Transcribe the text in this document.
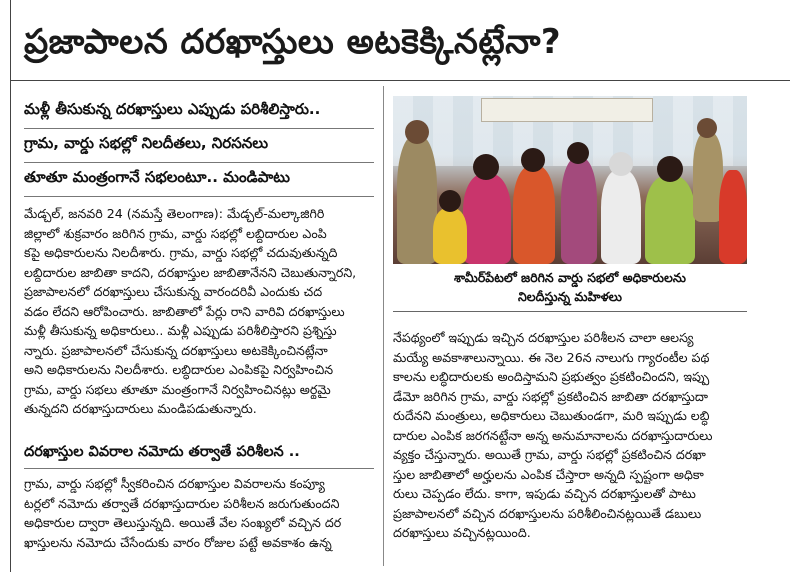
ప్రజాపాలన దరఖాస్తులు అటకెక్కినట్లేనా?
మళ్లీ తీసుకున్న దరఖాస్తులు ఎప్పుడు పరిశీలిస్తారు..
గ్రామ, వార్డు సభల్లో నిలదీతలు, నిరసనలు
తూతూ మంత్రంగానే సభలంటూ.. మండిపాటు
శామీర్‌పేటలో జరిగిన వార్డు సభలో అధికారులను
నిలదీస్తున్న మహిళలు
మేడ్చల్, జనవరి 24 (నమస్తే తెలంగాణ): మేడ్చల్-మల్కాజిగిరి
జిల్లాలో శుక్రవారం జరిగిన గ్రామ, వార్డు సభల్లో లబ్ధిదారుల ఎంపి
కపై అధికారులను నిలదీశారు. గ్రామ, వార్డు సభల్లో చదువుతున్నది
లబ్ధిదారుల జాబితా కాదని, దరఖాస్తుల జాబితానేనని చెబుతున్నారని,
ప్రజాపాలనలో దరఖాస్తులు చేసుకున్న వారందరివీ ఎందుకు చద
వడం లేదని ఆరోపించారు. జాబితాలో పేర్లు రాని వారివి దరఖాస్తులు
మళ్లీ తీసుకున్న అధికారులు.. మళ్లీ ఎప్పుడు పరిశీలిస్తారని ప్రశ్నిస్తు
న్నారు. ప్రజాపాలనలో చేసుకున్న దరఖాస్తులు అటకెక్కించినట్లేనా
అని అధికారులను నిలదీశారు. లబ్ధిదారుల ఎంపికపై నిర్వహించిన
గ్రామ, వార్డు సభలు తూతూ మంత్రంగానే నిర్వహించినట్లు అర్థమై
తున్నదని దరఖాస్తుదారులు మండిపడుతున్నారు.
దరఖాస్తుల వివరాల నమోదు తర్వాతే పరిశీలన ..
గ్రామ, వార్డు సభల్లో స్వీకరించిన దరఖాస్తుల వివరాలను కంప్యూ
టర్లలో నమోదు తర్వాతే దరఖాస్తుదారుల పరిశీలన జరుగుతుందని
అధికారుల ద్వారా తెలుస్తున్నది. అయితే వేల సంఖ్యలో వచ్చిన దర
ఖాస్తులను నమోదు చేసేందుకు వారం రోజుల పట్టే అవకాశం ఉన్న
నేపథ్యంలో ఇప్పుడు ఇచ్చిన దరఖాస్తుల పరిశీలన చాలా ఆలస్య
మయ్యే అవకాశాలున్నాయి. ఈ నెల 26న నాలుగు గ్యారంటీల పథ
కాలను లబ్ధిదారులకు అందిస్తామని ప్రభుత్వం ప్రకటించిందని, ఇప్పు
డేమో జరిగిన గ్రామ, వార్డు సభల్లో ప్రకటించిన జాబితా దరఖాస్తుదా
రుదేనని మంత్రులు, అధికారులు చెబుతుండగా, మరి ఇప్పుడు లబ్ధి
దారుల ఎంపిక జరగనట్టేనా అన్న అనుమానాలను దరఖాస్తుదారులు
వ్యక్తం చేస్తున్నారు. అయితే గ్రామ, వార్డు సభల్లో ప్రకటించిన దరఖా
స్తుల జాబితాలో అర్హులను ఎంపిక చేస్తారా అన్నది స్పష్టంగా అధికా
రులు చెప్పడం లేదు. కాగా, ఇపుడు వచ్చిన దరఖాస్తులతో పాటు
ప్రజాపాలనలో వచ్చిన దరఖాస్తులను పరిశీలించినట్లయితే డబులు
దరఖాస్తులు వచ్చినట్లయింది.
